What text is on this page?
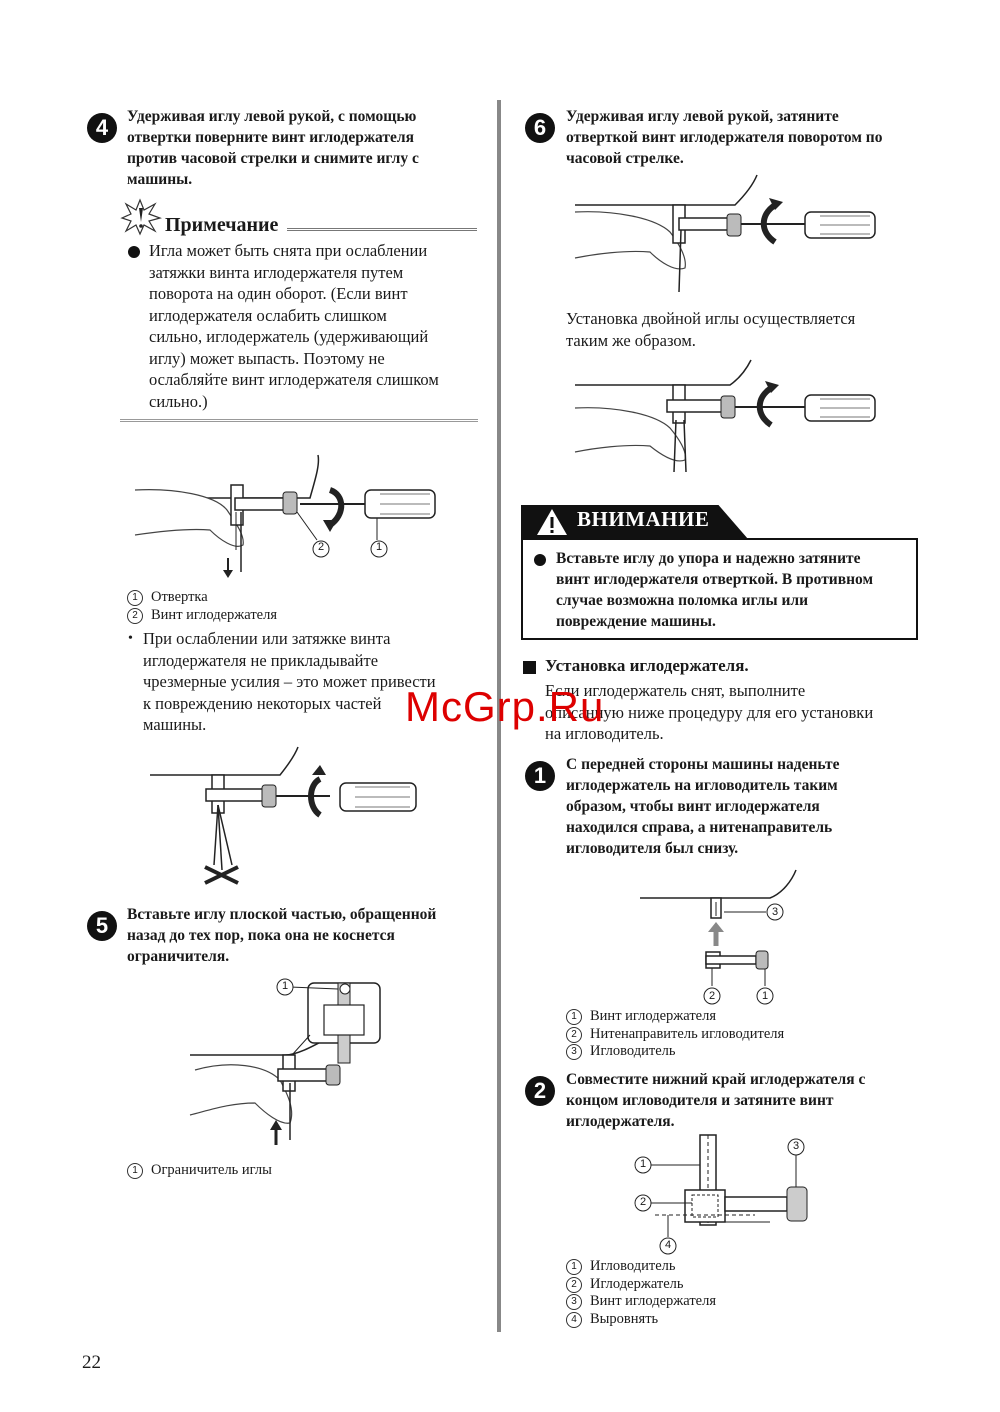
4	Удерживая иглу левой рукой, с помощью
отвертки поверните винт иглодержателя
против часовой стрелки и снимите иглу с
машины.
Примечание
Игла может быть снята при ослаблении
затяжки винта иглодержателя путем
поворота на один оборот. (Если винт
иглодержателя ослабить слишком
сильно, иглодержатель (удерживающий
иглу) может выпасть. Поэтому не
ослабляйте винт иглодержателя слишком
сильно.)
2	1
1 Отвертка
2 Винт иглодержателя
• При ослаблении или затяжке винта
иглодержателя не прикладывайте
чрезмерные усилия – это может привести
к повреждению некоторых частей
машины.
5	Вставьте иглу плоской частью, обращенной
назад до тех пор, пока она не коснется
ограничителя.
1
1 Ограничитель иглы
22
6	Удерживая иглу левой рукой, затяните
отверткой винт иглодержателя поворотом по
часовой стрелке.
Установка двойной иглы осуществляется
таким же образом.
ВНИМАНИЕ
Вставьте иглу до упора и надежно затяните
винт иглодержателя отверткой. В противном
случае возможна поломка иглы или
повреждение машины.
Установка иглодержателя.
Если иглодержатель снят, выполните
описанную ниже процедуру для его установки
на игловодитель.
1	С передней стороны машины наденьте
иглодержатель на игловодитель таким
образом, чтобы винт иглодержателя
находился справа, а нитенаправитель
игловодителя был снизу.
3
2	1
1 Винт иглодержателя
2 Нитенаправитель игловодителя
3 Игловодитель
2	Совместите нижний край иглодержателя с
концом игловодителя и затяните винт
иглодержателя.
1
2
3
4
1 Игловодитель
2 Иглодержатель
3 Винт иглодержателя
4 Выровнять
McGrp.Ru
